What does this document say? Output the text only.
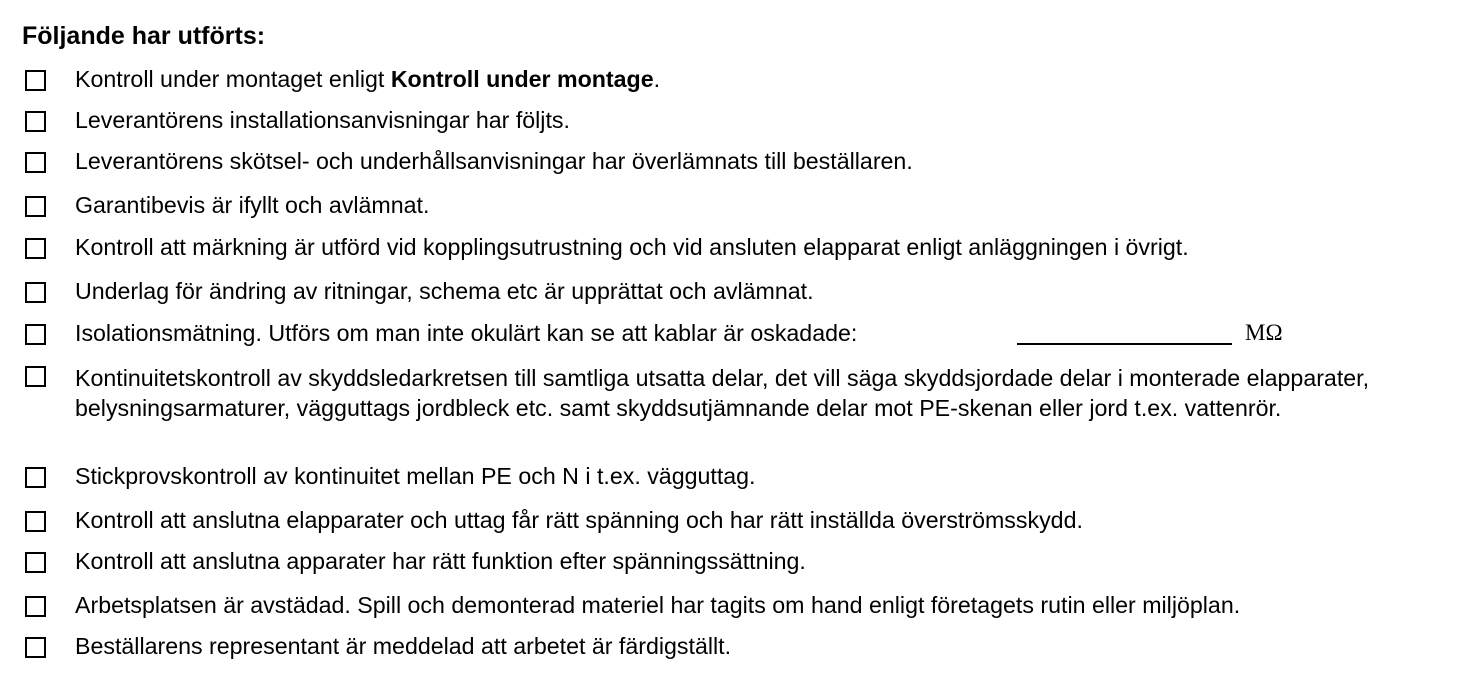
Följande har utförts:
Kontroll under montaget enligt Kontroll under montage.
Leverantörens installationsanvisningar har följts.
Leverantörens skötsel- och underhållsanvisningar har överlämnats till beställaren.
Garantibevis är ifyllt och avlämnat.
Kontroll att märkning är utförd vid kopplingsutrustning och vid ansluten elapparat enligt anläggningen i övrigt.
Underlag för ändring av ritningar, schema etc är upprättat och avlämnat.
Isolationsmätning. Utförs om man inte okulärt kan se att kablar är oskadade:	MΩ
Kontinuitetskontroll av skyddsledarkretsen till samtliga utsatta delar, det vill säga skyddsjordade delar i monterade elapparater, belysningsarmaturer, vägguttags jordbleck etc. samt skyddsutjämnande delar mot PE-skenan eller jord t.ex. vattenrör.
Stickprovskontroll av kontinuitet mellan PE och N i t.ex. vägguttag.
Kontroll att anslutna elapparater och uttag får rätt spänning och har rätt inställda överströmsskydd.
Kontroll att anslutna apparater har rätt funktion efter spänningssättning.
Arbetsplatsen är avstädad. Spill och demonterad materiel har tagits om hand enligt företagets rutin eller miljöplan.
Beställarens representant är meddelad att arbetet är färdigställt.
